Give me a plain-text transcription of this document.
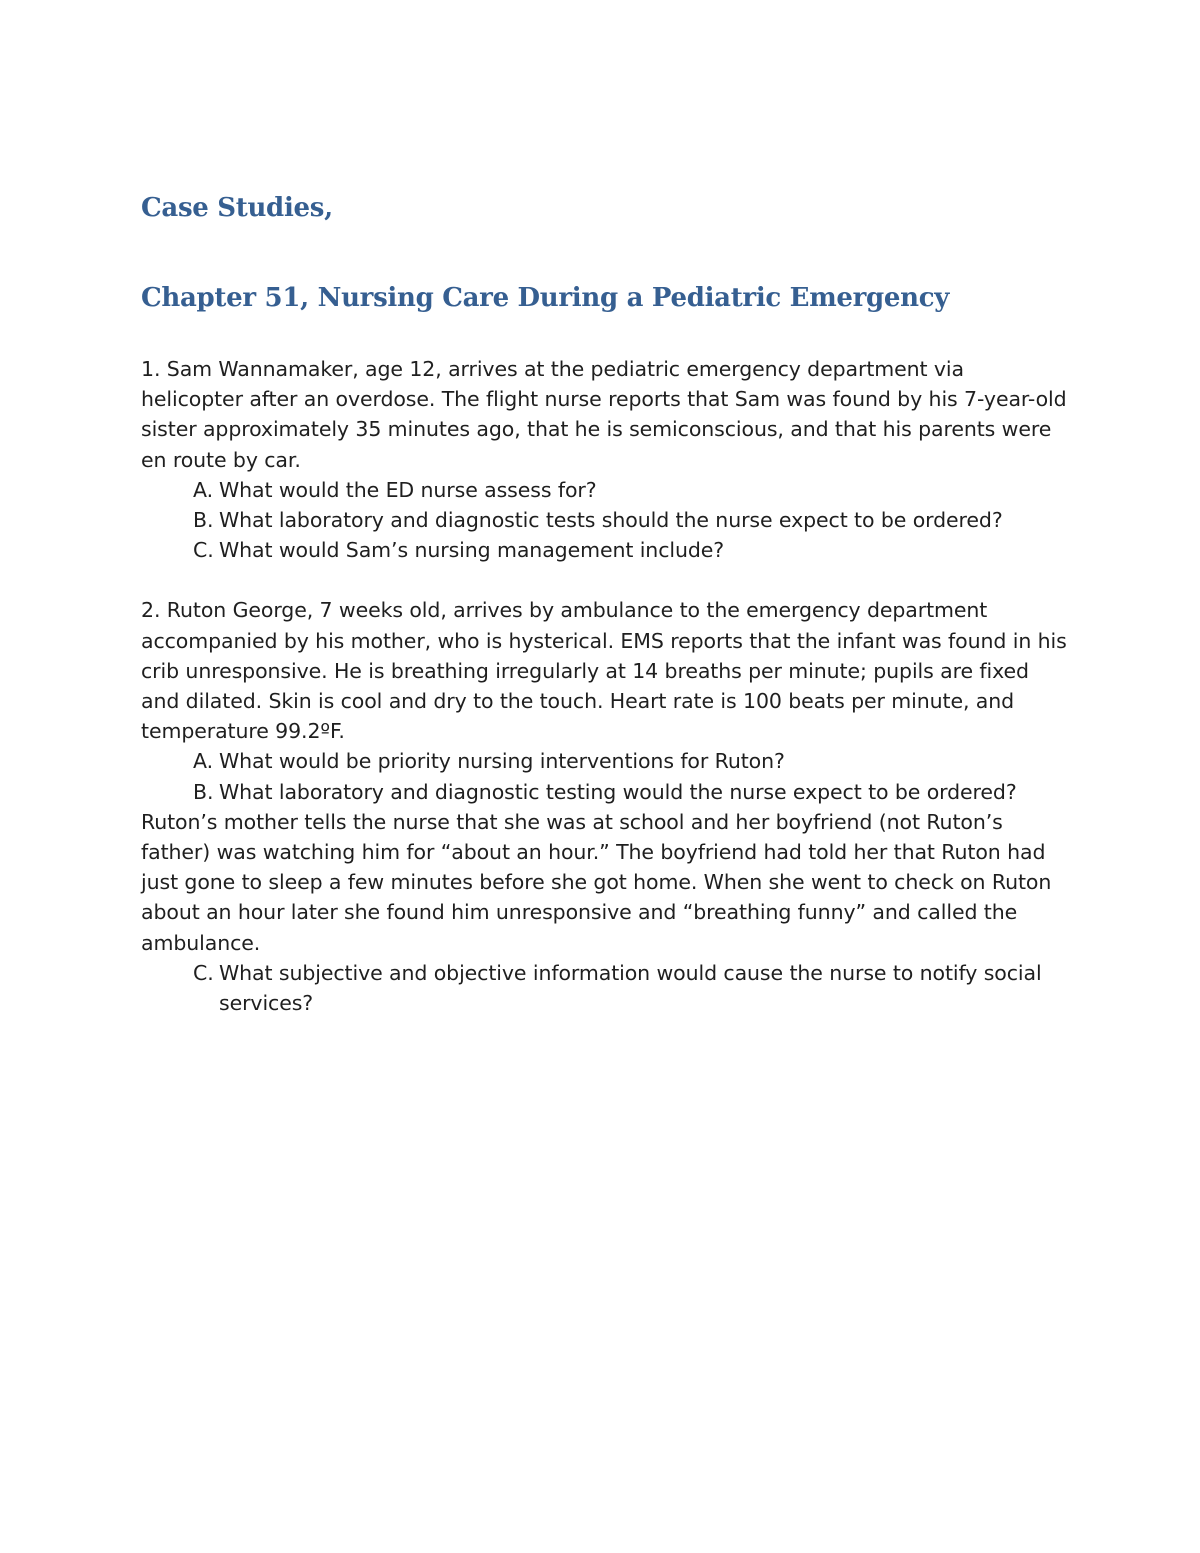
Case Studies,
Chapter 51, Nursing Care During a Pediatric Emergency

1. Sam Wannamaker, age 12, arrives at the pediatric emergency department via helicopter after an overdose. The flight nurse reports that Sam was found by his 7-year-old sister approximately 35 minutes ago, that he is semiconscious, and that his parents were en route by car.

A. What would the ED nurse assess for?
B. What laboratory and diagnostic tests should the nurse expect to be ordered?
C. What would Sam’s nursing management include?

2. Ruton George, 7 weeks old, arrives by ambulance to the emergency department accompanied by his mother, who is hysterical. EMS reports that the infant was found in his crib unresponsive. He is breathing irregularly at 14 breaths per minute; pupils are fixed and dilated. Skin is cool and dry to the touch. Heart rate is 100 beats per minute, and temperature 99.2ºF.

A. What would be priority nursing interventions for Ruton?
B. What laboratory and diagnostic testing would the nurse expect to be ordered?

Ruton’s mother tells the nurse that she was at school and her boyfriend (not Ruton’s father) was watching him for “about an hour.” The boyfriend had told her that Ruton had just gone to sleep a few minutes before she got home. When she went to check on Ruton about an hour later she found him unresponsive and “breathing funny” and called the ambulance.

C. What subjective and objective information would cause the nurse to notify social services?
